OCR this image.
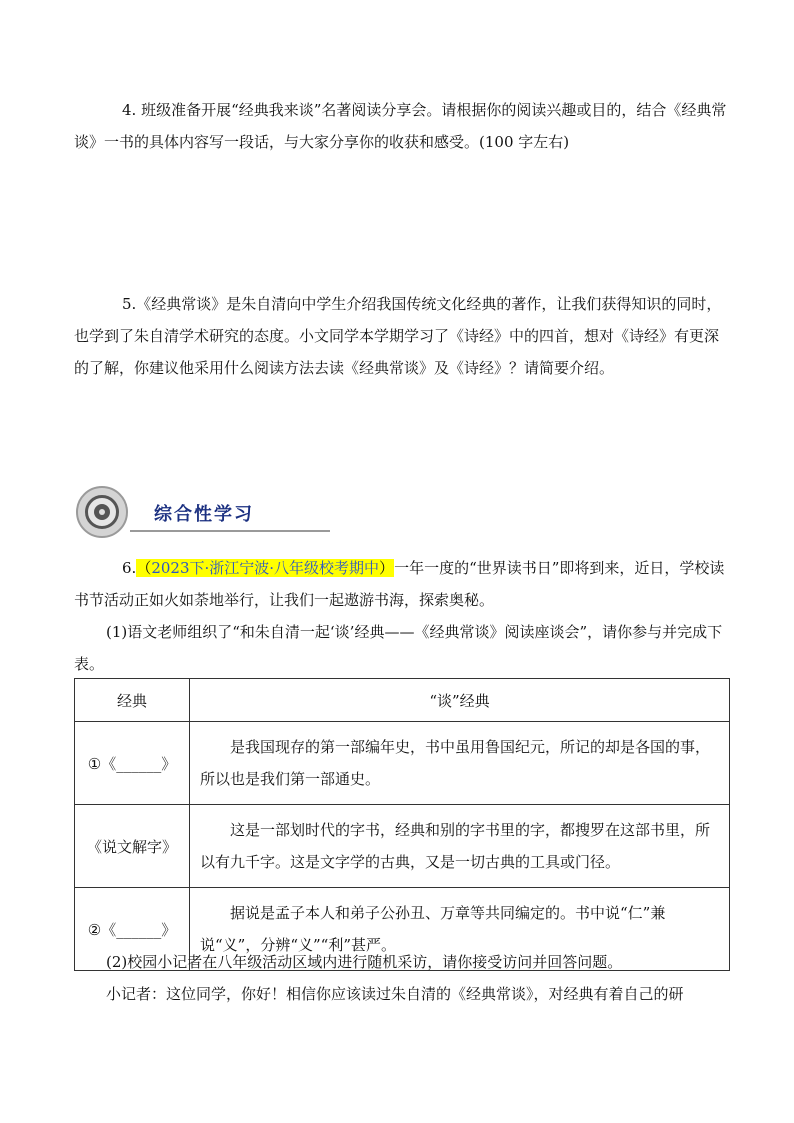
4. 班级准备开展“经典我来谈”名著阅读分享会。请根据你的阅读兴趣或目的，结合《经典常谈》一书的具体内容写一段话，与大家分享你的收获和感受。(100 字左右)

5.《经典常谈》是朱自清向中学生介绍我国传统文化经典的著作，让我们获得知识的同时，也学到了朱自清学术研究的态度。小文同学本学期学习了《诗经》中的四首，想对《诗经》有更深的了解，你建议他采用什么阅读方法去读《经典常谈》及《诗经》？请简要介绍。

综合性学习

6.（2023下·浙江宁波·八年级校考期中）一年一度的“世界读书日”即将到来，近日，学校读书节活动正如火如荼地举行，让我们一起遨游书海，探索奥秘。

(1)语文老师组织了“和朱自清一起‘谈’经典——《经典常谈》阅读座谈会”，请你参与并完成下表。

经典	“谈”经典
①《______》	是我国现存的第一部编年史，书中虽用鲁国纪元，所记的却是各国的事，所以也是我们第一部通史。

《说文解字》	这是一部划时代的字书，经典和别的字书里的字，都搜罗在这部书里，所以有九千字。这是文字学的古典，又是一切古典的工具或门径。

②《______》	据说是孟子本人和弟子公孙丑、万章等共同编定的。书中说“仁”兼说“义”，分辨“义”“利”甚严。

(2)校园小记者在八年级活动区域内进行随机采访，请你接受访问并回答问题。
小记者：这位同学，你好！相信你应该读过朱自清的《经典常谈》，对经典有着自己的研
